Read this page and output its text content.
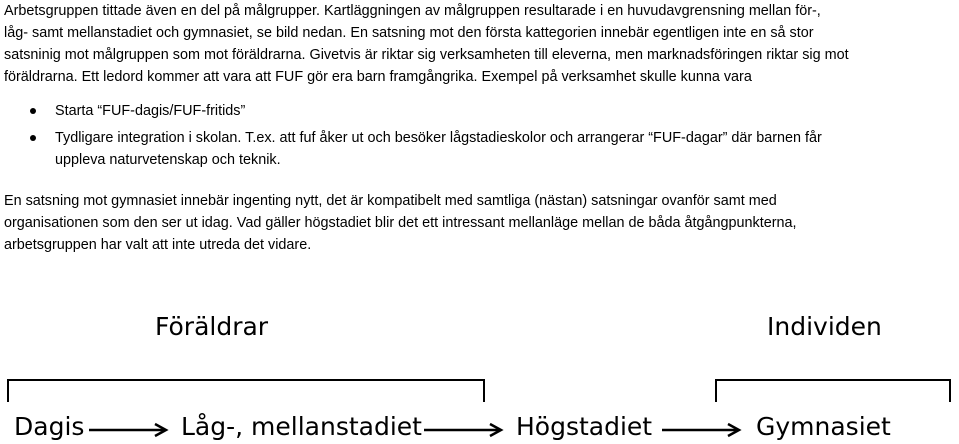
Arbetsgruppen tittade även en del på målgrupper. Kartläggningen av målgruppen resultarade i en huvudavgrensning mellan för-,
låg- samt mellanstadiet och gymnasiet, se bild nedan. En satsning mot den första kattegorien innebär egentligen inte en så stor
satsninig mot målgruppen som mot föräldrarna. Givetvis är riktar sig verksamheten till eleverna, men marknadsföringen riktar sig mot
föräldrarna. Ett ledord kommer att vara att FUF gör era barn framgångrika. Exempel på verksamhet skulle kunna vara
Starta “FUF-dagis/FUF-fritids”
Tydligare integration i skolan. T.ex. att fuf åker ut och besöker lågstadieskolor och arrangerar “FUF-dagar” där barnen får
uppleva naturvetenskap och teknik.
En satsning mot gymnasiet innebär ingenting nytt, det är kompatibelt med samtliga (nästan) satsningar ovanför samt med
organisationen som den ser ut idag. Vad gäller högstadiet blir det ett intressant mellanläge mellan de båda åtgångpunkterna,
arbetsgruppen har valt att inte utreda det vidare.
Föräldrar	Individen
Dagis	Låg-, mellanstadiet	Högstadiet	Gymnasiet
